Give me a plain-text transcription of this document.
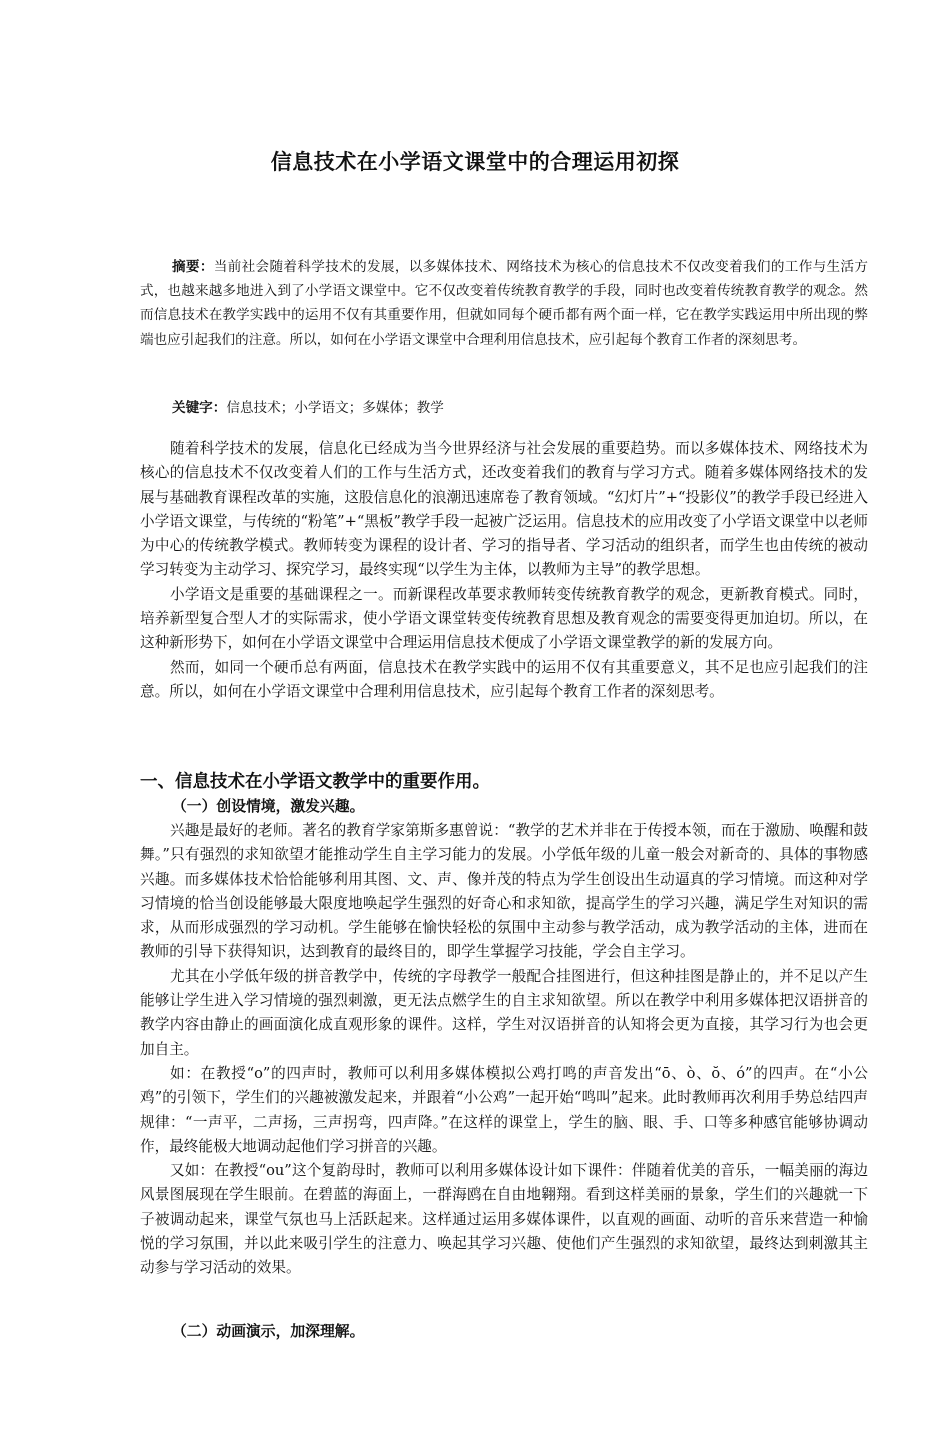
信息技术在小学语文课堂中的合理运用初探

摘要：当前社会随着科学技术的发展，以多媒体技术、网络技术为核心的信息技术不仅改变着我们的工作与生活方式，也越来越多地进入到了小学语文课堂中。它不仅改变着传统教育教学的手段，同时也改变着传统教育教学的观念。然而信息技术在教学实践中的运用不仅有其重要作用，但就如同每个硬币都有两个面一样，它在教学实践运用中所出现的弊端也应引起我们的注意。所以，如何在小学语文课堂中合理利用信息技术，应引起每个教育工作者的深刻思考。

关键字：信息技术；小学语文；多媒体；教学

随着科学技术的发展，信息化已经成为当今世界经济与社会发展的重要趋势。而以多媒体技术、网络技术为核心的信息技术不仅改变着人们的工作与生活方式，还改变着我们的教育与学习方式。随着多媒体网络技术的发展与基础教育课程改革的实施，这股信息化的浪潮迅速席卷了教育领域。“幻灯片”+“投影仪”的教学手段已经进入小学语文课堂，与传统的“粉笔”+“黑板”教学手段一起被广泛运用。信息技术的应用改变了小学语文课堂中以老师为中心的传统教学模式。教师转变为课程的设计者、学习的指导者、学习活动的组织者，而学生也由传统的被动学习转变为主动学习、探究学习，最终实现“以学生为主体，以教师为主导”的教学思想。

小学语文是重要的基础课程之一。而新课程改革要求教师转变传统教育教学的观念，更新教育模式。同时，培养新型复合型人才的实际需求，使小学语文课堂转变传统教育思想及教育观念的需要变得更加迫切。所以，在这种新形势下，如何在小学语文课堂中合理运用信息技术便成了小学语文课堂教学的新的发展方向。

然而，如同一个硬币总有两面，信息技术在教学实践中的运用不仅有其重要意义，其不足也应引起我们的注意。所以，如何在小学语文课堂中合理利用信息技术，应引起每个教育工作者的深刻思考。

一、信息技术在小学语文教学中的重要作用。
（一）创设情境，激发兴趣。

兴趣是最好的老师。著名的教育学家第斯多惠曾说：“教学的艺术并非在于传授本领，而在于激励、唤醒和鼓舞。”只有强烈的求知欲望才能推动学生自主学习能力的发展。小学低年级的儿童一般会对新奇的、具体的事物感兴趣。而多媒体技术恰恰能够利用其图、文、声、像并茂的特点为学生创设出生动逼真的学习情境。而这种对学习情境的恰当创设能够最大限度地唤起学生强烈的好奇心和求知欲，提高学生的学习兴趣，满足学生对知识的需求，从而形成强烈的学习动机。学生能够在愉快轻松的氛围中主动参与教学活动，成为教学活动的主体，进而在教师的引导下获得知识，达到教育的最终目的，即学生掌握学习技能，学会自主学习。

尤其在小学低年级的拼音教学中，传统的字母教学一般配合挂图进行，但这种挂图是静止的，并不足以产生能够让学生进入学习情境的强烈刺激，更无法点燃学生的自主求知欲望。所以在教学中利用多媒体把汉语拼音的教学内容由静止的画面演化成直观形象的课件。这样，学生对汉语拼音的认知将会更为直接，其学习行为也会更加自主。

如：在教授“o”的四声时，教师可以利用多媒体模拟公鸡打鸣的声音发出“ō、ò、ŏ、ó”的四声。在“小公鸡”的引领下，学生们的兴趣被激发起来，并跟着“小公鸡”一起开始“鸣叫”起来。此时教师再次利用手势总结四声规律：“一声平，二声扬，三声拐弯，四声降。”在这样的课堂上，学生的脑、眼、手、口等多种感官能够协调动作，最终能极大地调动起他们学习拼音的兴趣。

又如：在教授“ou”这个复韵母时，教师可以利用多媒体设计如下课件：伴随着优美的音乐，一幅美丽的海边风景图展现在学生眼前。在碧蓝的海面上，一群海鸥在自由地翱翔。看到这样美丽的景象，学生们的兴趣就一下子被调动起来，课堂气氛也马上活跃起来。这样通过运用多媒体课件，以直观的画面、动听的音乐来营造一种愉悦的学习氛围，并以此来吸引学生的注意力、唤起其学习兴趣、使他们产生强烈的求知欲望，最终达到刺激其主动参与学习活动的效果。

（二）动画演示，加深理解。
